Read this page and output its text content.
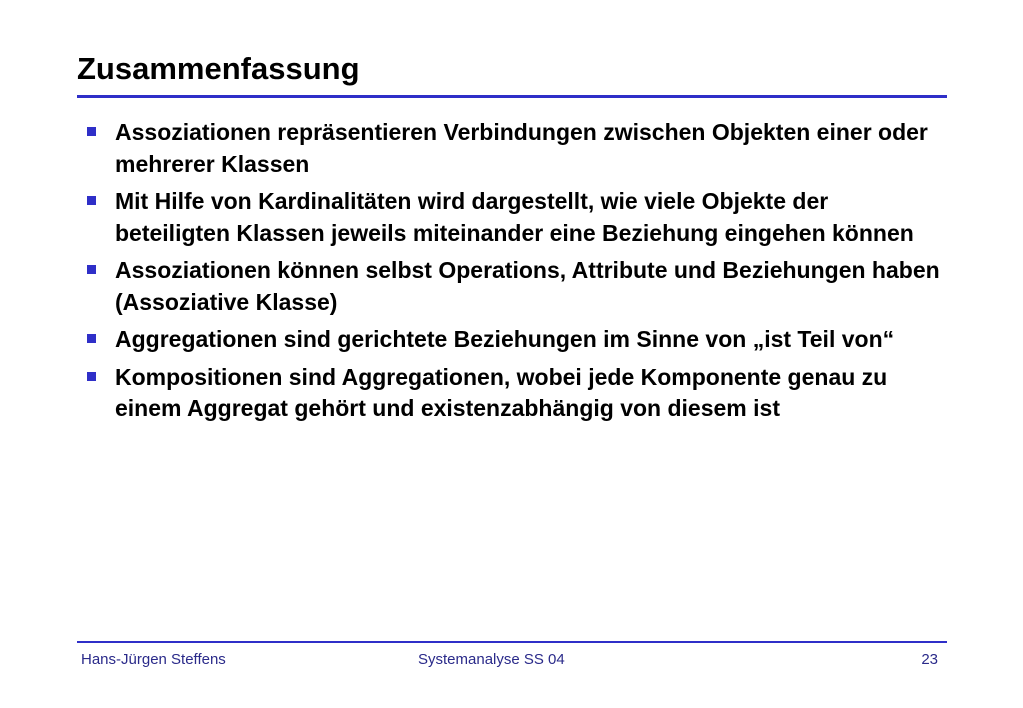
Zusammenfassung
Assoziationen repräsentieren Verbindungen zwischen Objekten einer oder mehrerer Klassen
Mit Hilfe von Kardinalitäten wird dargestellt, wie viele Objekte der beteiligten Klassen jeweils miteinander eine Beziehung eingehen können
Assoziationen können selbst Operations, Attribute und Beziehungen haben (Assoziative Klasse)
Aggregationen sind gerichtete Beziehungen im Sinne von „ist Teil von“
Kompositionen sind Aggregationen, wobei jede Komponente genau zu einem Aggregat gehört und existenzabhängig von diesem ist
Hans-Jürgen Steffens	Systemanalyse SS 04	23
